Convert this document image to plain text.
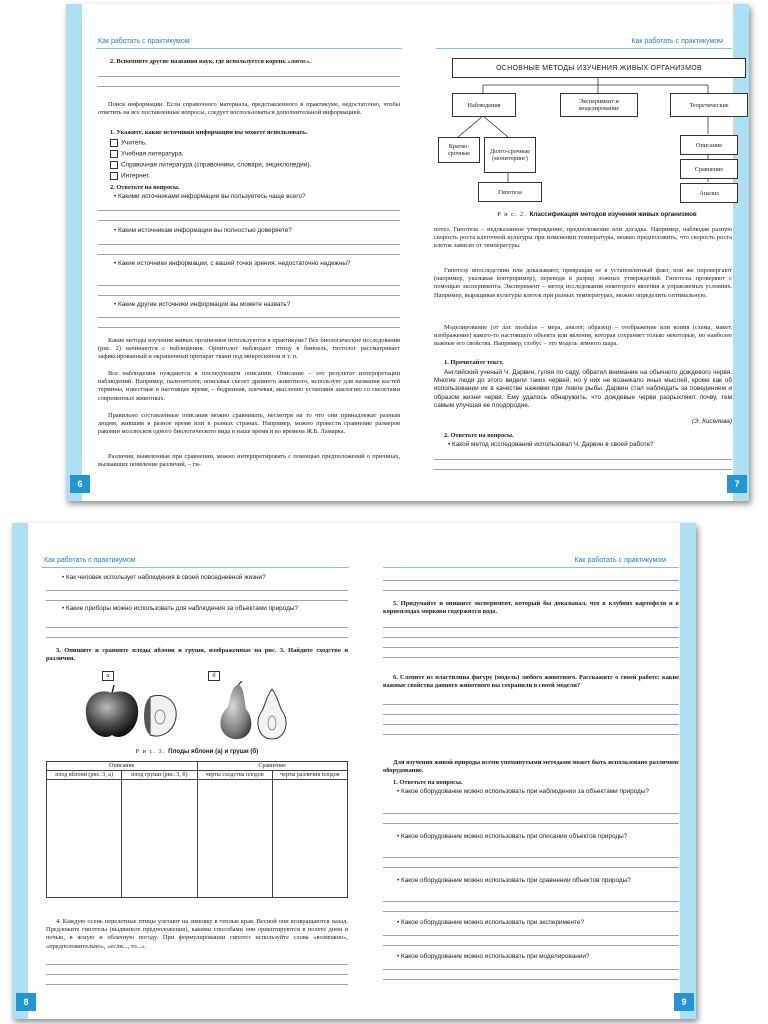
Как работать с практикумом
2. Вспомните другие названия наук, где используется корень «логос».
Поиск информации. Если справочного материала, представленного в практикуме, недостаточно, чтобы ответить на все поставленные вопросы, следует воспользоваться дополнительной информацией.
1. Укажите, какие источники информации вы можете использовать.
Учитель.
Учебная литература.
Справочная литература (справочники, словари, энциклопедии).
Интернет.
2. Ответьте на вопросы.
• Какими источниками информации вы пользуетесь чаще всего?
• Каким источникам информации вы полностью доверяете?
• Какие источники информации, с вашей точки зрения, недостаточно надежны?
• Какие другие источники информации вы можете назвать?
Какие методы изучения живых организмов используются в практикуме? Все биологические исследования (рис. 2) начинаются с наблюдения. Орнитолог наблюдает птицу в бинокль, гистолог рассматривает зафиксированный и окрашенный препарат ткани под микроскопом и т. п.
Все наблюдения нуждаются в последующем описании. Описание – это результат интерпретации наблюдений. Например, палеонтолог, описывая скелет древнего животного, использует для названия костей термины, известные в настоящее время, – бедренная, плечевая, мысленно установив аналогию со скелетами современных животных.
Правильно составленные описания можно сравнивать, несмотря на то что они принадлежат разным людям, жившим в разное время или в разных странах. Например, можно провести сравнение размеров раковин моллюсков одного биологического вида в наше время и во времена Ж.Б. Ламарка.
Различия, выявленные при сравнении, можно интерпретировать с помощью предположений о причинах, вызвавших появление различий, – ги-
6
Как работать с практикумом
ОСНОВНЫЕ МЕТОДЫ ИЗУЧЕНИЯ ЖИВЫХ ОРГАНИЗМОВ
Наблюдения	Эксперимент и моделирование	Теоретические
Кратко-срочные	Долго-срочные (мониторинг)
Гипотеза
Описание
Сравнение
Анализ
Р и с. 2. Классификация методов изучения живых организмов
потез. Гипотеза – недоказанное утверждение, предположение или догадка. Например, наблюдая разную скорость роста клеточной культуры при изменении температуры, можно предположить, что скорость роста клеток зависит от температуры.
Гипотезу впоследствии или доказывают, превращая ее в установленный факт, или же опровергают (например, указывая контрпример), переводя в разряд ложных утверждений. Гипотезы проверяют с помощью эксперимента. Эксперимент – метод исследования некоторого явления в управляемых условиях. Например, выращивая культуры клеток при разных температурах, можно определить оптимальную.
Моделирование (от лат. modulus – мера, аналог, образец) – отображение или копия (схема, макет, изображение) какого-то настоящего объекта или явления, которая сохраняет только некоторые, но наиболее важные его свойства. Например, глобус – это модель земного шара.
1. Прочитайте текст.
Английский ученый Ч. Дарвин, гуляя по саду, обратил внимание на обычного дождевого червя. Многие люди до этого видели таких червей, но у них не возникало иных мыслей, кроме как об использовании их в качестве наживки при ловле рыбы. Дарвин стал наблюдать за поведением и образом жизни червя. Ему удалось обнаружить, что дождевые черви разрыхляют почву, тем самым улучшая ее плодородие.
(Э. Киселева)
2. Ответьте на вопросы.
• Какой метод исследований использовал Ч. Дарвин в своей работе?
7
Как работать с практикумом
• Как человек использует наблюдения в своей повседневной жизни?
• Какие приборы можно использовать для наблюдения за объектами природы?
3. Опишите и сравните плоды яблони и груши, изображенные на рис. 3. Найдите сходство и различия.
а	б
Р и с. 3. Плоды яблони (а) и груши (б)
Описание		Сравнение	
плод яблони (рис. 3, а)	плод груши (рис. 3, б)	черты сходства плодов	черты различия плодов

4. Каждую осень перелетные птицы улетают на зимовку в теплые края. Весной они возвращаются назад. Предложите гипотезы (выдвиньте предположения), какими способами они ориентируются в полете днем и ночью, в ясную и облачную погоду. При формулировании гипотез используйте слова «возможно», «предположительно», «если..., то...».
8
Как работать с практикумом
5. Придумайте и опишите эксперимент, который бы доказывал, что в клубнях картофеля и в корнеплодах моркови содержится вода.
6. Слепите из пластилина фигуру (модель) любого животного. Расскажите о своей работе: какие важные свойства данного животного вы сохранили в своей модели?
Для изучения живой природы всеми упомянутыми методами может быть использовано различное оборудование.
1. Ответьте на вопросы.
• Какое оборудование можно использовать при наблюдении за объектами природы?
• Какое оборудование можно использовать при описании объектов природы?
• Какое оборудование можно использовать при сравнении объектов природы?
• Какое оборудование можно использовать при эксперименте?
• Какое оборудование можно использовать при моделировании?
9
